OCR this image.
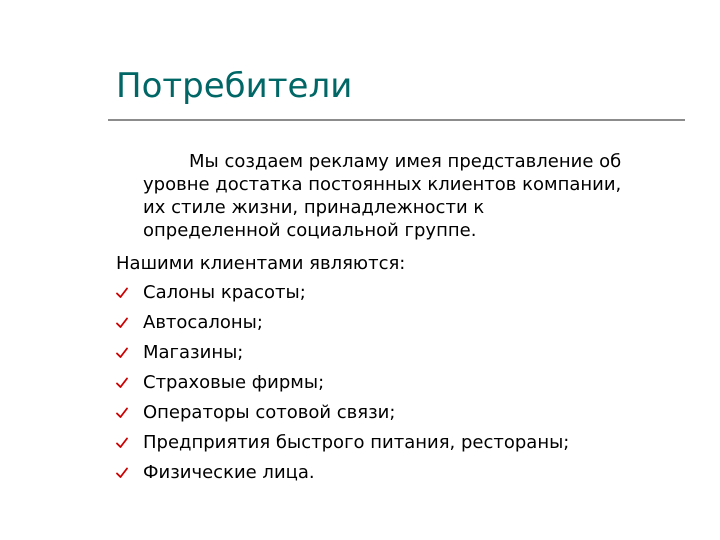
Потребители

Мы создаем рекламу имея представление об
уровне достатка постоянных клиентов компании,
их стиле жизни, принадлежности к
определенной социальной группе.

Нашими клиентами являются:
Салоны красоты;
Автосалоны;
Магазины;
Страховые фирмы;
Операторы сотовой связи;
Предприятия быстрого питания, рестораны;
Физические лица.
